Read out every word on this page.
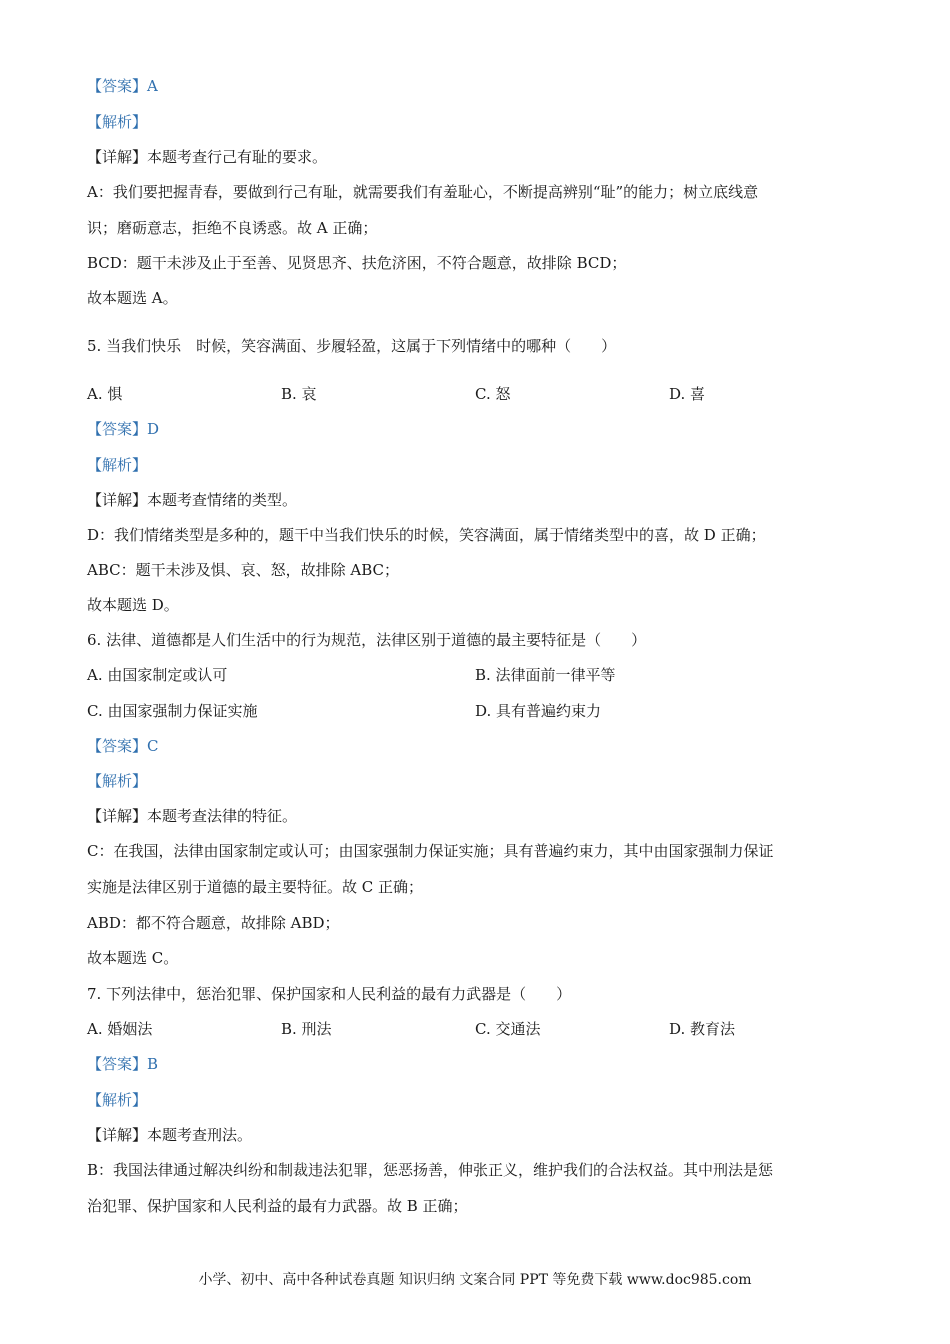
【答案】A
【解析】
【详解】本题考查行己有耻的要求。
A：我们要把握青春，要做到行己有耻，就需要我们有羞耻心，不断提高辨别“耻”的能力；树立底线意
识；磨砺意志，拒绝不良诱惑。故 A 正确；
BCD：题干未涉及止于至善、见贤思齐、扶危济困，不符合题意，故排除 BCD；
故本题选 A。
5. 当我们快乐　时候，笑容满面、步履轻盈，这属于下列情绪中的哪种（　　）
A. 惧	B. 哀	C. 怒	D. 喜
【答案】D
【解析】
【详解】本题考查情绪的类型。
D：我们情绪类型是多种的，题干中当我们快乐的时候，笑容满面，属于情绪类型中的喜，故 D 正确；
ABC：题干未涉及惧、哀、怒，故排除 ABC；
故本题选 D。
6. 法律、道德都是人们生活中的行为规范，法律区别于道德的最主要特征是（　　）
A. 由国家制定或认可	B. 法律面前一律平等
C. 由国家强制力保证实施	D. 具有普遍约束力
【答案】C
【解析】
【详解】本题考查法律的特征。
C：在我国，法律由国家制定或认可；由国家强制力保证实施；具有普遍约束力，其中由国家强制力保证
实施是法律区别于道德的最主要特征。故 C 正确；
ABD：都不符合题意，故排除 ABD；
故本题选 C。
7. 下列法律中，惩治犯罪、保护国家和人民利益的最有力武器是（　　）
A. 婚姻法	B. 刑法	C. 交通法	D. 教育法
【答案】B
【解析】
【详解】本题考查刑法。
B：我国法律通过解决纠纷和制裁违法犯罪，惩恶扬善，伸张正义，维护我们的合法权益。其中刑法是惩
治犯罪、保护国家和人民利益的最有力武器。故 B 正确；
小学、初中、高中各种试卷真题 知识归纳 文案合同 PPT 等免费下载 www.doc985.com
